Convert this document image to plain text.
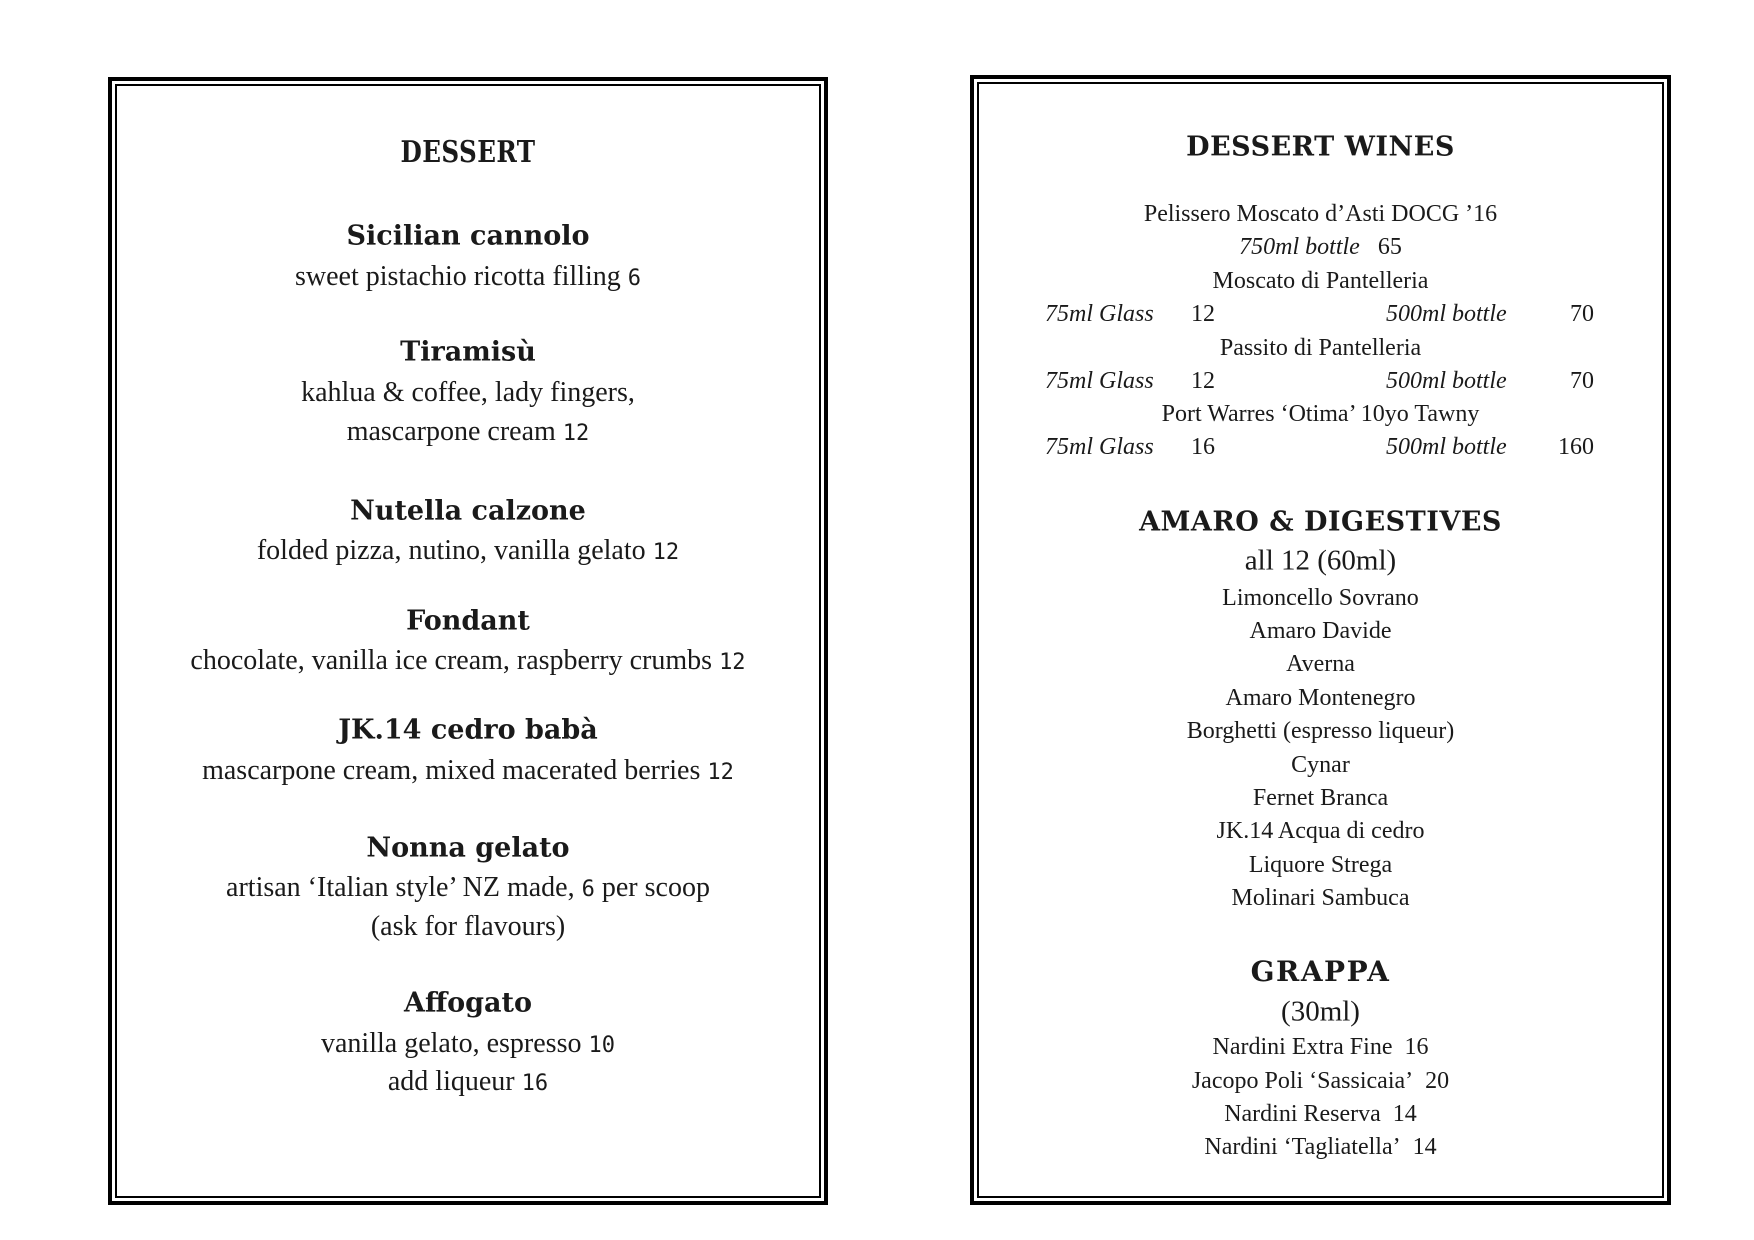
DESSERT
Sicilian cannolo
sweet pistachio ricotta filling 6
Tiramisù
kahlua & coffee, lady fingers,
mascarpone cream 12
Nutella calzone
folded pizza, nutino, vanilla gelato 12
Fondant
chocolate, vanilla ice cream, raspberry crumbs 12
JK.14 cedro babà
mascarpone cream, mixed macerated berries 12
Nonna gelato
artisan ‘Italian style’ NZ made, 6 per scoop
(ask for flavours)
Affogato
vanilla gelato, espresso 10
add liqueur 16
DESSERT WINES
Pelissero Moscato d’Asti DOCG ’16
750ml bottle 65
Moscato di Pantelleria
75ml Glass 12	500ml bottle	70
Passito di Pantelleria
75ml Glass 12	500ml bottle	70
Port Warres ‘Otima’ 10yo Tawny
75ml Glass 16	500ml bottle 160
AMARO & DIGESTIVES
all 12 (60ml)
Limoncello Sovrano
Amaro Davide
Averna
Amaro Montenegro
Borghetti (espresso liqueur)
Cynar
Fernet Branca
JK.14 Acqua di cedro
Liquore Strega
Molinari Sambuca
GRAPPA
(30ml)
Nardini Extra Fine 16
Jacopo Poli ‘Sassicaia’ 20
Nardini Reserva 14
Nardini ‘Tagliatella’ 14
